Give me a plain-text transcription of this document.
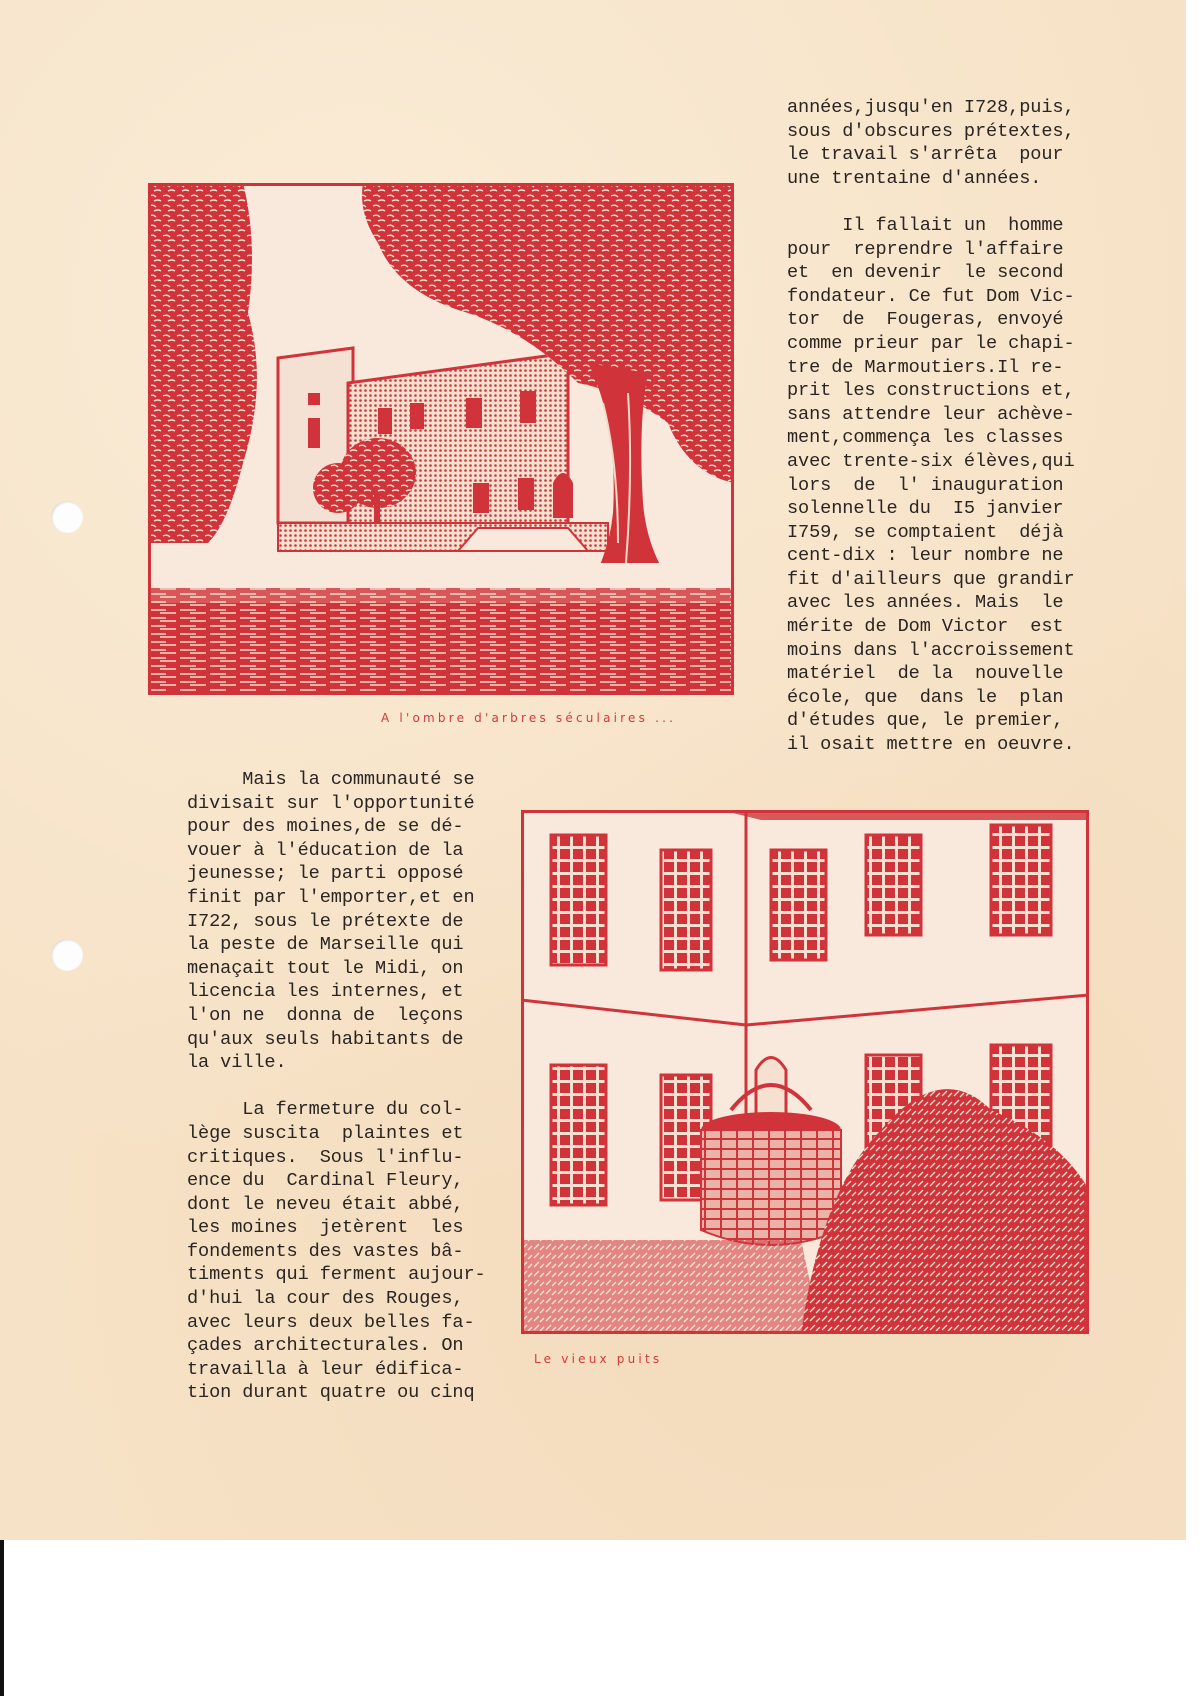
années,jusqu'en I728,puis,
sous d'obscures prétextes,
le travail s'arrêta  pour
une trentaine d'années.
Il fallait un  homme
pour  reprendre l'affaire
et  en devenir  le second
fondateur. Ce fut Dom Vic-
tor  de  Fougeras, envoyé
comme prieur par le chapi-
tre de Marmoutiers.Il re-
prit les constructions et,
sans attendre leur achève-
ment,commença les classes
avec trente-six élèves,qui
lors  de  l' inauguration
solennelle du  I5 janvier
I759, se comptaient  déjà
cent-dix : leur nombre ne
fit d'ailleurs que grandir
avec les années. Mais  le
mérite de Dom Victor  est
moins dans l'accroissement
matériel  de la  nouvelle
école, que  dans le  plan
d'études que, le premier,
il osait mettre en oeuvre.
Mais la communauté se
divisait sur l'opportunité
pour des moines,de se dé-
vouer à l'éducation de la
jeunesse; le parti opposé
finit par l'emporter,et en
I722, sous le prétexte de
la peste de Marseille qui
menaçait tout le Midi, on
licencia les internes, et
l'on ne  donna de  leçons
qu'aux seuls habitants de
la ville.
La fermeture du col-
lège suscita  plaintes et
critiques.  Sous l'influ-
ence du  Cardinal Fleury,
dont le neveu était abbé,
les moines  jetèrent  les
fondements des vastes bâ-
timents qui ferment aujour-
d'hui la cour des Rouges,
avec leurs deux belles fa-
çades architecturales. On
travailla à leur édifica-
tion durant quatre ou cinq
A l'ombre d'arbres séculaires ...
Le vieux puits
